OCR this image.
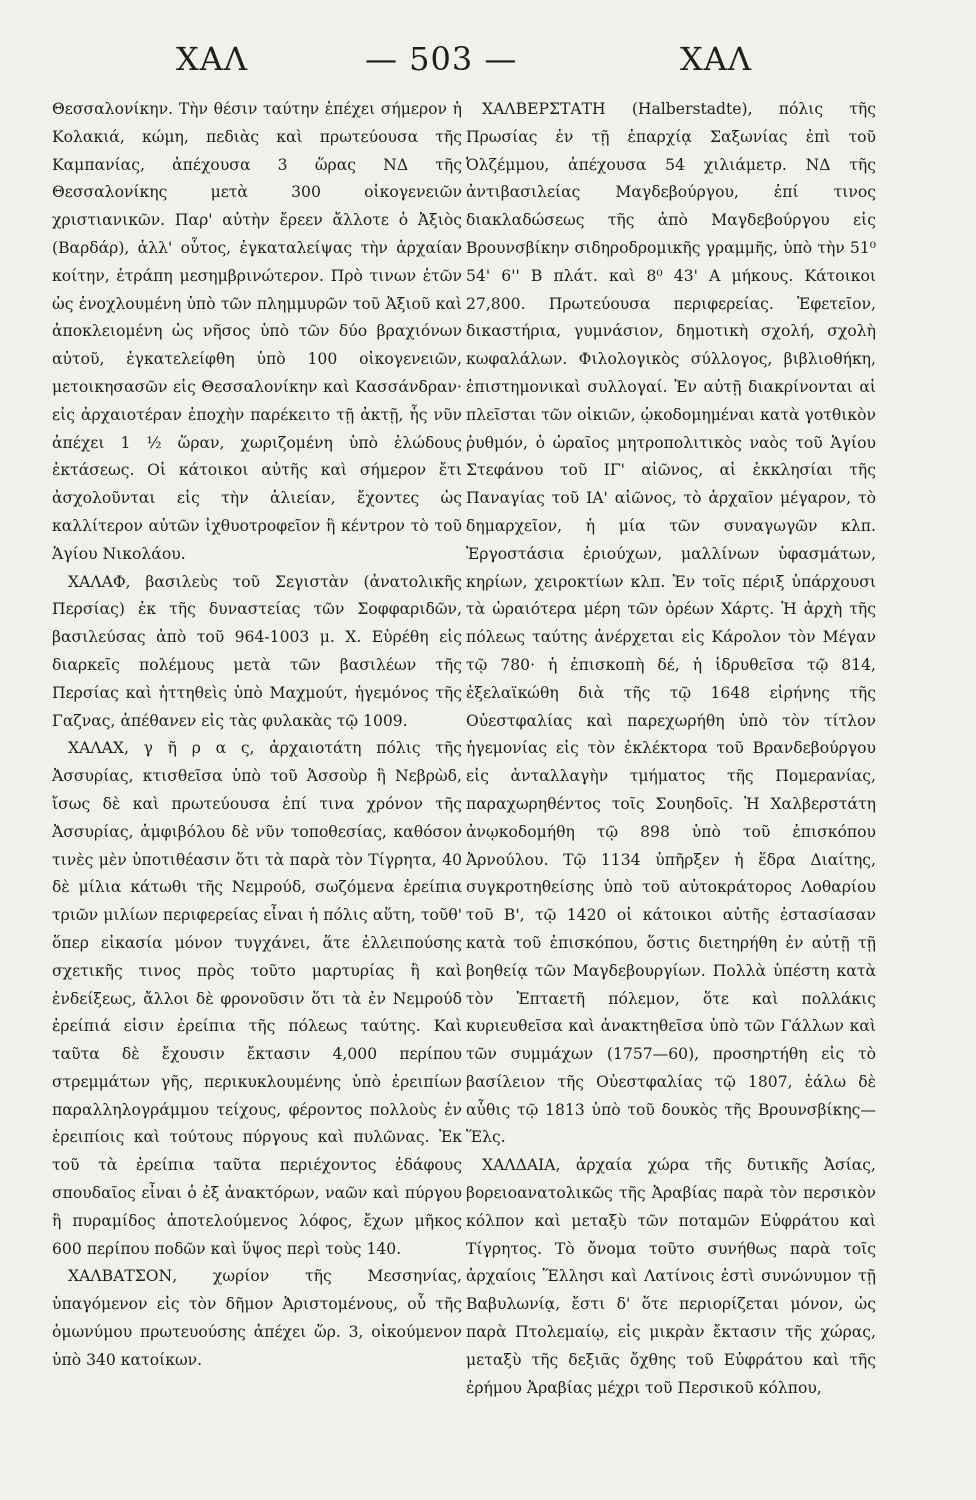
ΧΑΛ	— 503 —	ΧΑΛ

Θεσσαλονίκην. Τὴν θέσιν ταύτην ἐπέχει σήμερον ἡ Κολακιά, κώμη, πεδιὰς καὶ πρωτεύουσα τῆς Καμπανίας, ἀπέχουσα 3 ὥρας ΝΔ τῆς Θεσσαλονίκης μετὰ 300 οἰκογενειῶν χριστιανικῶν. Παρ' αὐτὴν ἔρεεν ἄλλοτε ὁ Ἀξιὸς (Βαρδάρ), ἀλλ' οὗτος, ἐγκαταλείψας τὴν ἀρχαίαν κοίτην, ἐτράπη μεσημβρινώτερον. Πρὸ τινων ἐτῶν ὡς ἐνοχλουμένη ὑπὸ τῶν πλημμυρῶν τοῦ Ἀξιοῦ καὶ ἀποκλειομένη ὡς νῆσος ὑπὸ τῶν δύο βραχιόνων αὐτοῦ, ἐγκατελείφθη ὑπὸ 100 οἰκογενειῶν, μετοικησασῶν εἰς Θεσσαλονίκην καὶ Κασσάνδραν· εἰς ἀρχαιοτέραν ἐποχὴν παρέκειτο τῇ ἀκτῇ, ἧς νῦν ἀπέχει 1 ½ ὥραν, χωριζομένη ὑπὸ ἑλώδους ἐκτάσεως. Οἱ κάτοικοι αὐτῆς καὶ σήμερον ἔτι ἀσχολοῦνται εἰς τὴν ἁλιείαν, ἔχοντες ὡς καλλίτερον αὐτῶν ἰχθυοτροφεῖον ἢ κέντρον τὸ τοῦ Ἁγίου Νικολάου.

ΧΑΛΑΦ, βασιλεὺς τοῦ Σεγιστὰν (ἀνατολικῆς Περσίας) ἐκ τῆς δυναστείας τῶν Σοφφαριδῶν, βασιλεύσας ἀπὸ τοῦ 964-1003 μ. Χ. Εὑρέθη εἰς διαρκεῖς πολέμους μετὰ τῶν βασιλέων τῆς Περσίας καὶ ἡττηθεὶς ὑπὸ Μαχμούτ, ἡγεμόνος τῆς Γαζνας, ἀπέθανεν εἰς τὰς φυλακὰς τῷ 1009.

ΧΑΛΑΧ, γ ῆ ρ α ς, ἀρχαιοτάτη πόλις τῆς Ἀσσυρίας, κτισθεῖσα ὑπὸ τοῦ Ἀσσοὺρ ἢ Νεβρὼδ, ἴσως δὲ καὶ πρωτεύουσα ἐπί τινα χρόνον τῆς Ἀσσυρίας, ἀμφιβόλου δὲ νῦν τοποθεσίας, καθόσον τινὲς μὲν ὑποτιθέασιν ὅτι τὰ παρὰ τὸν Τίγρητα, 40 δὲ μίλια κάτωθι τῆς Νεμρούδ, σωζόμενα ἐρείπια τριῶν μιλίων περιφερείας εἶναι ἡ πόλις αὕτη, τοῦθ' ὅπερ εἰκασία μόνον τυγχάνει, ἅτε ἐλλειπούσης σχετικῆς τινος πρὸς τοῦτο μαρτυρίας ἢ καὶ ἐνδείξεως, ἄλλοι δὲ φρονοῦσιν ὅτι τὰ ἐν Νεμρούδ ἐρείπιά εἰσιν ἐρείπια τῆς πόλεως ταύτης. Καὶ ταῦτα δὲ ἔχουσιν ἔκτασιν 4,000 περίπου στρεμμάτων γῆς, περικυκλουμένης ὑπὸ ἐρειπίων παραλληλογράμμου τείχους, φέροντος πολλοὺς ἐν ἐρειπίοις καὶ τούτους πύργους καὶ πυλῶνας. Ἐκ τοῦ τὰ ἐρείπια ταῦτα περιέχοντος ἐδάφους σπουδαῖος εἶναι ὁ ἐξ ἀνακτόρων, ναῶν καὶ πύργου ἢ πυραμίδος ἀποτελούμενος λόφος, ἔχων μῆκος 600 περίπου ποδῶν καὶ ὕψος περὶ τοὺς 140.

ΧΑΛΒΑΤΣΟΝ, χωρίον τῆς Μεσσηνίας, ὑπαγόμενον εἰς τὸν δῆμον Ἀριστομένους, οὗ τῆς ὁμωνύμου πρωτευούσης ἀπέχει ὥρ. 3, οἰκούμενον ὑπὸ 340 κατοίκων.

ΧΑΛΒΕΡΣΤΑΤΗ (Halberstadte), πόλις τῆς Πρωσίας ἐν τῇ ἐπαρχίᾳ Σαξωνίας ἐπὶ τοῦ Ὀλζέμμου, ἀπέχουσα 54 χιλιάμετρ. ΝΔ τῆς ἀντιβασιλείας Μαγδεβούργου, ἐπί τινος διακλαδώσεως τῆς ἀπὸ Μαγδεβούργου εἰς Βρουνσβίκην σιδηροδρομικῆς γραμμῆς, ὑπὸ τὴν 51⁰ 54' 6'' Β πλάτ. καὶ 8⁰ 43' Α μήκους. Κάτοικοι 27,800. Πρωτεύουσα περιφερείας. Ἐφετεῖον, δικαστήρια, γυμνάσιον, δημοτικὴ σχολή, σχολὴ κωφαλάλων. Φιλολογικὸς σύλλογος, βιβλιοθήκη, ἐπιστημονικαὶ συλλογαί. Ἐν αὐτῇ διακρίνονται αἱ πλεῖσται τῶν οἰκιῶν, ᾠκοδομημέναι κατὰ γοτθικὸν ῥυθμόν, ὁ ὡραῖος μητροπολιτικὸς ναὸς τοῦ Ἁγίου Στεφάνου τοῦ ΙΓ' αἰῶνος, αἱ ἐκκλησίαι τῆς Παναγίας τοῦ ΙΑ' αἰῶνος, τὸ ἀρχαῖον μέγαρον, τὸ δημαρχεῖον, ἡ μία τῶν συναγωγῶν κλπ. Ἐργοστάσια ἐριούχων, μαλλίνων ὑφασμάτων, κηρίων, χειροκτίων κλπ. Ἐν τοῖς πέριξ ὑπάρχουσι τὰ ὡραιότερα μέρη τῶν ὀρέων Χάρτς. Ἡ ἀρχὴ τῆς πόλεως ταύτης ἀνέρχεται εἰς Κάρολον τὸν Μέγαν τῷ 780· ἡ ἐπισκοπὴ δέ, ἡ ἱδρυθεῖσα τῷ 814, ἐξελαϊκώθη διὰ τῆς τῷ 1648 εἰρήνης τῆς Οὐεστφαλίας καὶ παρεχωρήθη ὑπὸ τὸν τίτλον ἡγεμονίας εἰς τὸν ἐκλέκτορα τοῦ Βρανδεβούργου εἰς ἀνταλλαγὴν τμήματος τῆς Πομερανίας, παραχωρηθέντος τοῖς Σουηδοῖς. Ἡ Χαλβερστάτη ἀνῳκοδομήθη τῷ 898 ὑπὸ τοῦ ἐπισκόπου Ἀρνούλου. Τῷ 1134 ὑπῆρξεν ἡ ἕδρα Διαίτης, συγκροτηθείσης ὑπὸ τοῦ αὐτοκράτορος Λοθαρίου τοῦ Β', τῷ 1420 οἱ κάτοικοι αὐτῆς ἐστασίασαν κατὰ τοῦ ἐπισκόπου, ὅστις διετηρήθη ἐν αὐτῇ τῇ βοηθείᾳ τῶν Μαγδεβουργίων. Πολλὰ ὑπέστη κατὰ τὸν Ἑπταετῆ πόλεμον, ὅτε καὶ πολλάκις κυριευθεῖσα καὶ ἀνακτηθεῖσα ὑπὸ τῶν Γάλλων καὶ τῶν συμμάχων (1757—60), προσηρτήθη εἰς τὸ βασίλειον τῆς Οὐεστφαλίας τῷ 1807, ἑάλω δὲ αὖθις τῷ 1813 ὑπὸ τοῦ δουκὸς τῆς Βρουνσβίκης—Ἕλς.

ΧΑΛΔΑΙΑ, ἀρχαία χώρα τῆς δυτικῆς Ἀσίας, βορειοανατολικῶς τῆς Ἀραβίας παρὰ τὸν περσικὸν κόλπον καὶ μεταξὺ τῶν ποταμῶν Εὐφράτου καὶ Τίγρητος. Τὸ ὄνομα τοῦτο συνήθως παρὰ τοῖς ἀρχαίοις Ἕλλησι καὶ Λατίνοις ἐστὶ συνώνυμον τῇ Βαβυλωνίᾳ, ἔστι δ' ὅτε περιορίζεται μόνον, ὡς παρὰ Πτολεμαίῳ, εἰς μικρὰν ἔκτασιν τῆς χώρας, μεταξὺ τῆς δεξιᾶς ὄχθης τοῦ Εὐφράτου καὶ τῆς ἐρήμου Ἀραβίας μέχρι τοῦ Περσικοῦ κόλπου,
